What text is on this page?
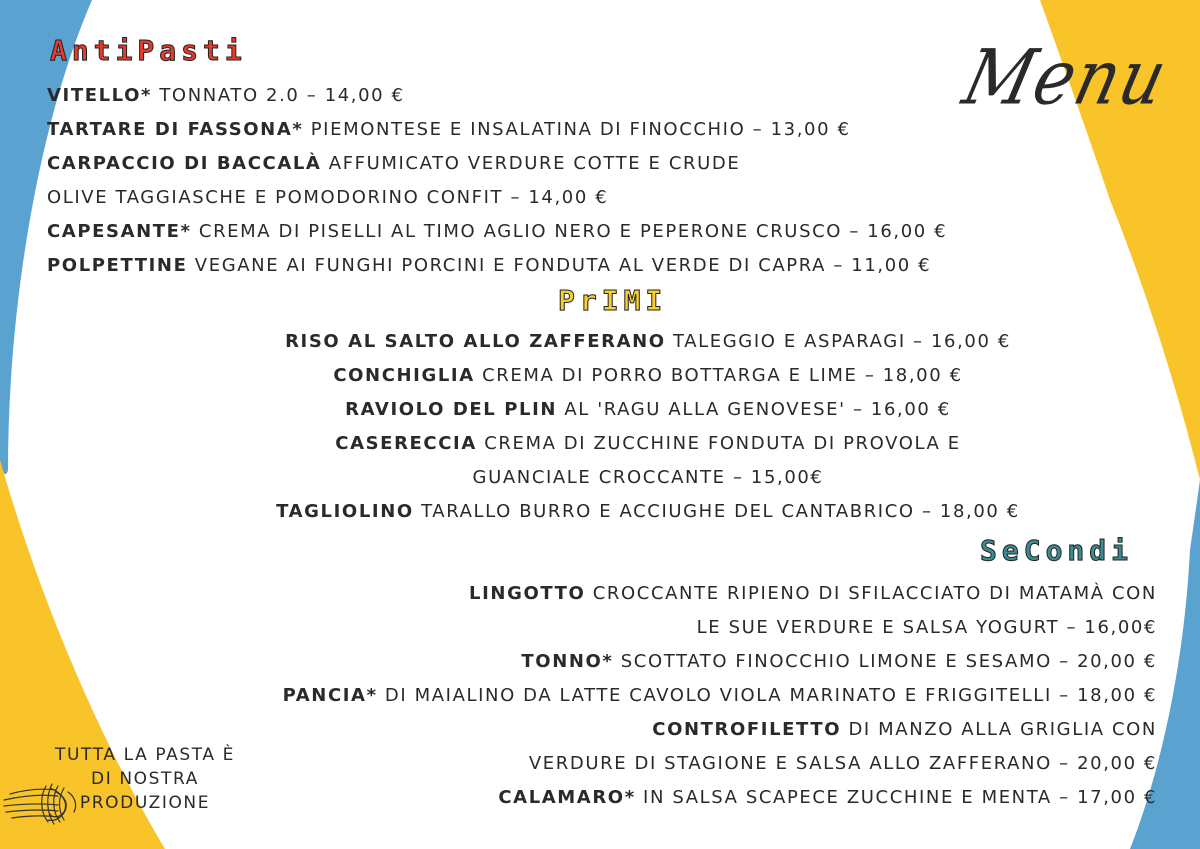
Menu
AntiPasti
PrIMI
SeCondi

VITELLO* TONNATO 2.0 – 14,00 €

TARTARE DI FASSONA* PIEMONTESE E INSALATINA DI FINOCCHIO – 13,00 €

CARPACCIO DI BACCALÀ AFFUMICATO VERDURE COTTE E CRUDE

OLIVE TAGGIASCHE E POMODORINO CONFIT – 14,00 €

CAPESANTE* CREMA DI PISELLI AL TIMO AGLIO NERO E PEPERONE CRUSCO – 16,00 €

POLPETTINE VEGANE AI FUNGHI PORCINI E FONDUTA AL VERDE DI CAPRA – 11,00 €

RISO AL SALTO ALLO ZAFFERANO TALEGGIO E ASPARAGI – 16,00 €

CONCHIGLIA CREMA DI PORRO BOTTARGA E LIME – 18,00 €

RAVIOLO DEL PLIN AL 'RAGU ALLA GENOVESE' – 16,00 €

CASERECCIA CREMA DI ZUCCHINE FONDUTA DI PROVOLA E

GUANCIALE CROCCANTE – 15,00€

TAGLIOLINO TARALLO BURRO E ACCIUGHE DEL CANTABRICO – 18,00 €

LINGOTTO CROCCANTE RIPIENO DI SFILACCIATO DI MATAMÀ CON

LE SUE VERDURE E SALSA YOGURT – 16,00€

TONNO* SCOTTATO FINOCCHIO LIMONE E SESAMO – 20,00 €

PANCIA* DI MAIALINO DA LATTE CAVOLO VIOLA MARINATO E FRIGGITELLI – 18,00 €

CONTROFILETTO DI MANZO ALLA GRIGLIA CON

VERDURE DI STAGIONE E SALSA ALLO ZAFFERANO – 20,00 €

CALAMARO* IN SALSA SCAPECE ZUCCHINE E MENTA – 17,00 €

TUTTA LA PASTA È
DI NOSTRA
PRODUZIONE
